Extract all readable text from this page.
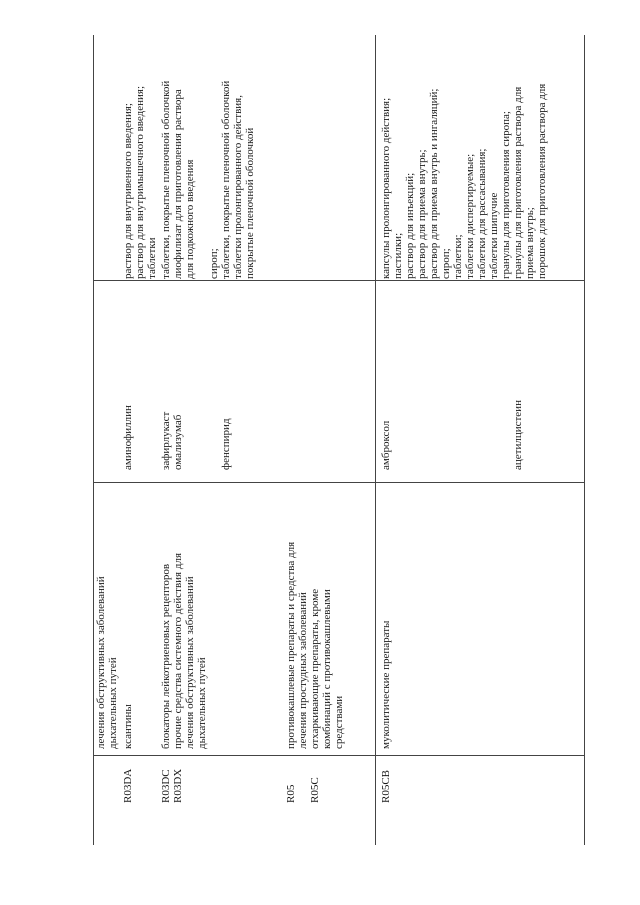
лечения обструктивных заболеваний
дыхательных путей
R03DA
ксантины
аминофиллин
раствор для внутривенного введения;
раствор для внутримышечного введения;
таблетки
R03DC
R03DX
блокаторы лейкотриеновых рецепторов
прочие средства системного действия для
лечения обструктивных заболеваний
дыхательных путей
зафирлукаст
омализумаб

фенспирид
таблетки, покрытые пленочной оболочкой
лиофилизат для приготовления раствора
для подкожного введения

сироп;
таблетки, покрытые пленочной оболочкой
таблетки пролонгированного действия,
покрытые пленочной оболочкой
R05

R05C
противокашлевые препараты и средства для
лечения простудных заболеваний
отхаркивающие препараты, кроме
комбинаций с противокашлевыми
средствами
R05CB
муколитические препараты
амброксол

ацетилцистеин
капсулы пролонгированного действия;
пастилки;
раствор для инъекций;
раствор для приема внутрь;
раствор для приема внутрь и ингаляций;
сироп;
таблетки;
таблетки диспергируемые;
таблетки для рассасывания;
таблетки шипучие
гранулы для приготовления сиропа;
гранулы для приготовления раствора для
приема внутрь;
порошок для приготовления раствора для
